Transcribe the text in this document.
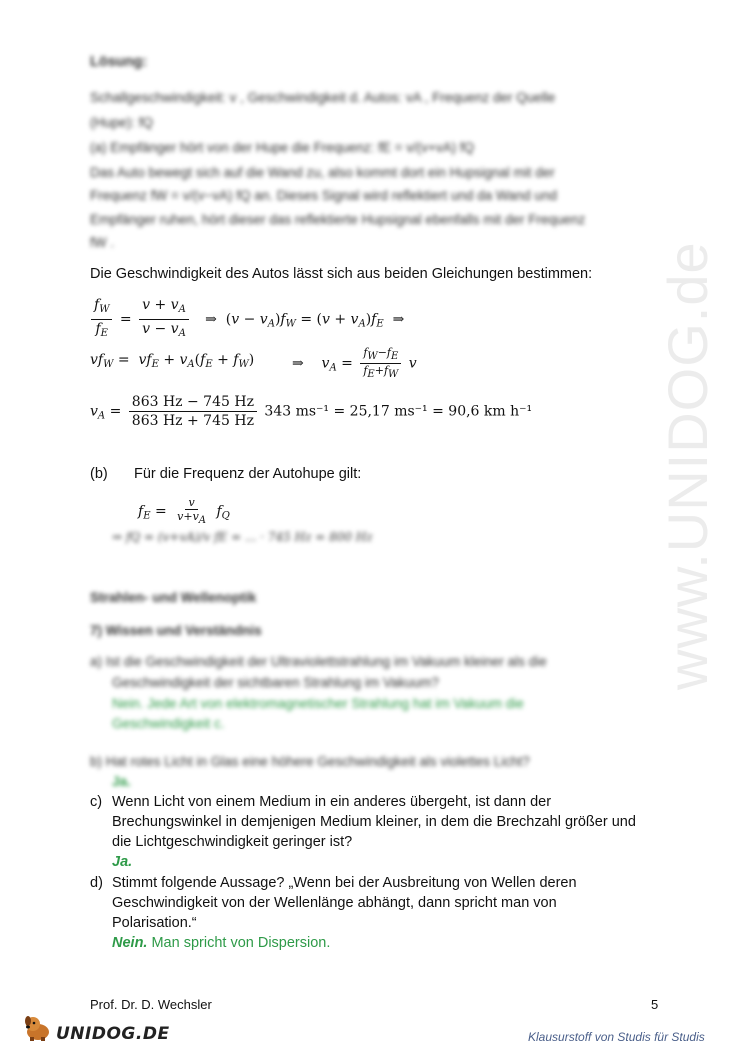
www.UNIDOG.de
Lösung:
Schallgeschwindigkeit: v , Geschwindigkeit d. Autos: vA , Frequenz der Quelle
(Hupe): fQ
(a) Empfänger hört von der Hupe die Frequenz: fE = v/(v+vA) fQ
Das Auto bewegt sich auf die Wand zu, also kommt dort ein Hupsignal mit der
Frequenz fW = v/(v−vA) fQ an. Dieses Signal wird reflektiert und da Wand und
Empfänger ruhen, hört dieser das reflektierte Hupsignal ebenfalls mit der Frequenz
fW .
Die Geschwindigkeit des Autos lässt sich aus beiden Gleichungen bestimmen:
$\frac{f_W}{f_E} = \frac{v + v_A}{v - v_A}$ ⇒ $(v - v_A)f_W = (v + v_A)f_E$ ⇒
$vf_W = vf_E + v_A(f_E + f_W)$	⇒    $v_A = \frac{f_W-f_E}{f_E+f_W}$ v
$v_A = \frac{863 Hz - 745 Hz}{863 Hz + 745 Hz} 343$ ms⁻¹ = 25,17 ms⁻¹ = 90,6 km h⁻¹
(b) Für die Frequenz der Autohupe gilt:
$f_E = \frac{v}{v+v_A} f_Q$
⇒ fQ = (v+vA)/v fE = ... · 745 Hz = 800 Hz
Strahlen- und Wellenoptik
7) Wissen und Verständnis
a) Ist die Geschwindigkeit der Ultraviolettstrahlung im Vakuum kleiner als die
Geschwindigkeit der sichtbaren Strahlung im Vakuum?
Nein. Jede Art von elektromagnetischer Strahlung hat im Vakuum die
Geschwindigkeit c.
b) Hat rotes Licht in Glas eine höhere Geschwindigkeit als violettes Licht?
Ja.
c) Wenn Licht von einem Medium in ein anderes übergeht, ist dann der
Brechungswinkel in demjenigen Medium kleiner, in dem die Brechzahl größer und
die Lichtgeschwindigkeit geringer ist?
Ja.
d) Stimmt folgende Aussage? „Wenn bei der Ausbreitung von Wellen deren
Geschwindigkeit von der Wellenlänge abhängt, dann spricht man von
Polarisation.“
Nein. Man spricht von Dispersion.
Prof. Dr. D. Wechsler	5
UNIDOG.DE	Klausurstoff von Studis für Studis
